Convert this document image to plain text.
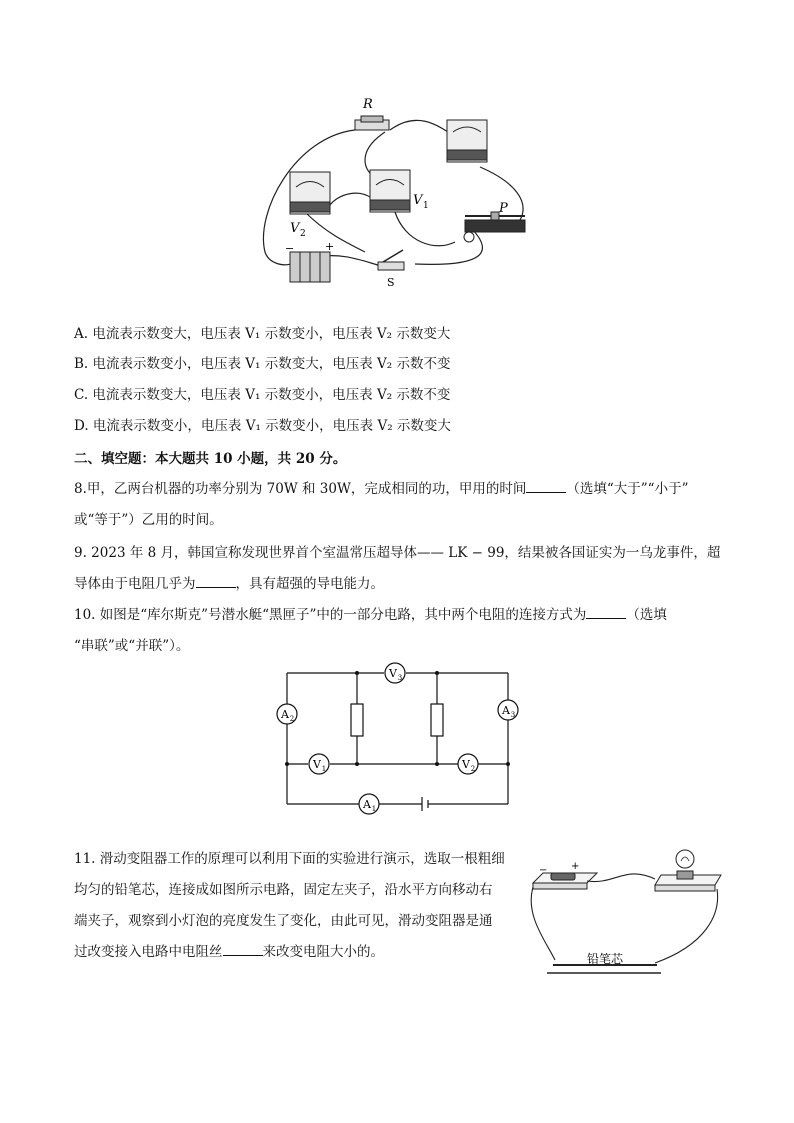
R
V 2
V 1	P
−	+
S
A. 电流表示数变大，电压表 V₁ 示数变小，电压表 V₂ 示数变大
B. 电流表示数变小，电压表 V₁ 示数变大，电压表 V₂ 示数不变
C. 电流表示数变大，电压表 V₁ 示数变小，电压表 V₂ 示数不变
D. 电流表示数变小，电压表 V₁ 示数变小，电压表 V₂ 示数变大
二、填空题：本大题共 10 小题，共 20 分。
8.甲，乙两台机器的功率分别为 70W 和 30W，完成相同的功，甲用的时间	（选填“大于”“小于”
或“等于”）乙用的时间。
9. 2023 年 8 月，韩国宣称发现世界首个室温常压超导体—— LK − 99，结果被各国证实为一乌龙事件，超
导体由于电阻几乎为	，具有超强的导电能力。
10. 如图是“库尔斯克”号潜水艇“黑匣子”中的一部分电路，其中两个电阻的连接方式为	（选填
“串联”或“并联”）。
V 3
A 2
A 3
V 1	V 2
A 1
11. 滑动变阻器工作的原理可以利用下面的实验进行演示，选取一根粗细
均匀的铅笔芯，连接成如图所示电路，固定左夹子，沿水平方向移动右
端夹子，观察到小灯泡的亮度发生了变化，由此可见，滑动变阻器是通
过改变接入电路中电阻丝	来改变电阻大小的。
− +
铅笔芯
